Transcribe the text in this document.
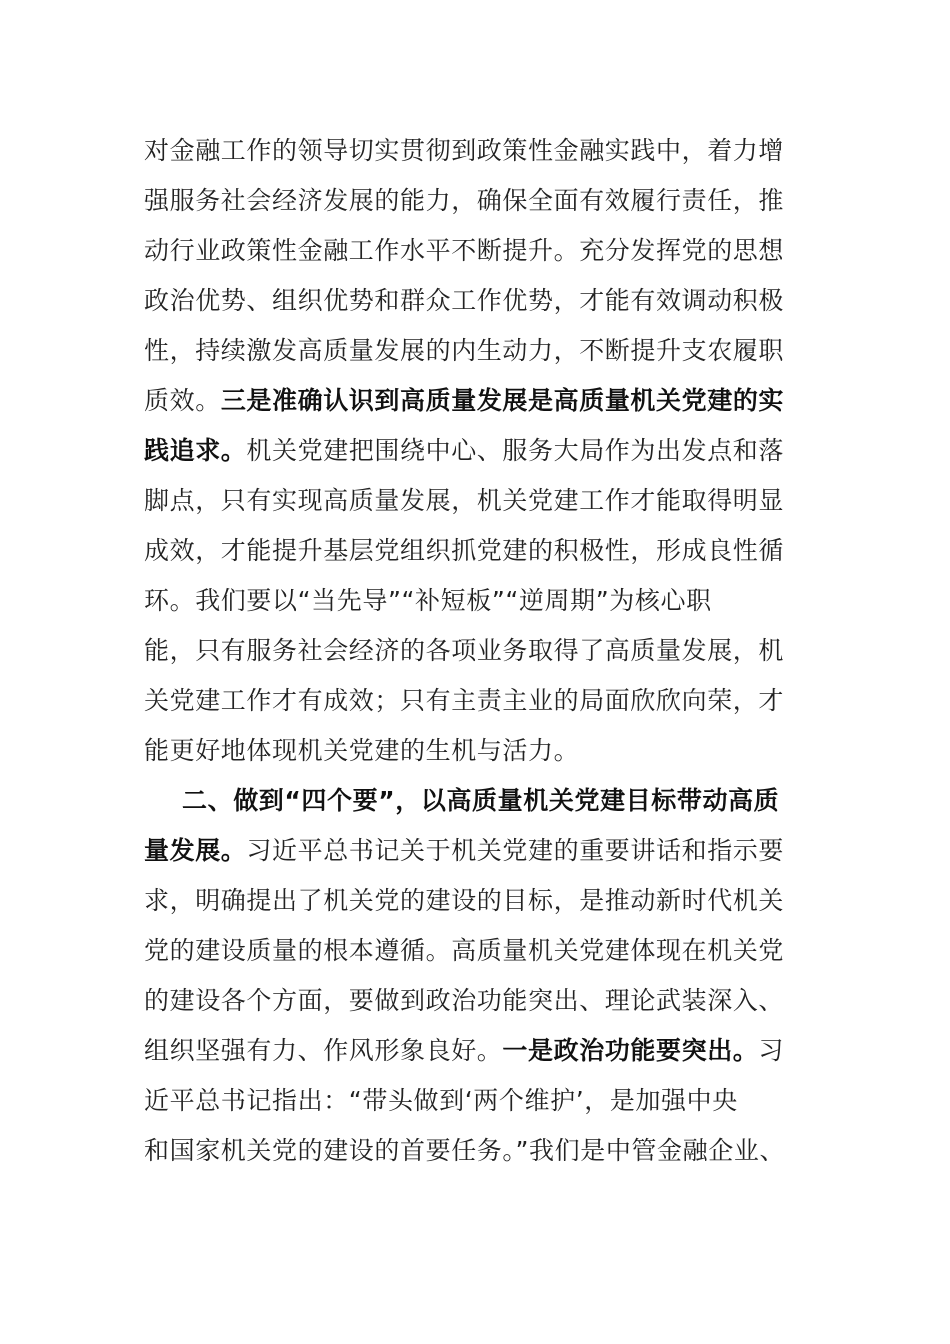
对金融工作的领导切实贯彻到政策性金融实践中，着力增
强服务社会经济发展的能力，确保全面有效履行责任，推
动行业政策性金融工作水平不断提升。充分发挥党的思想
政治优势、组织优势和群众工作优势，才能有效调动积极
性，持续激发高质量发展的内生动力，不断提升支农履职
质效。三是准确认识到高质量发展是高质量机关党建的实
践追求。机关党建把围绕中心、服务大局作为出发点和落
脚点，只有实现高质量发展，机关党建工作才能取得明显
成效，才能提升基层党组织抓党建的积极性，形成良性循
环。我们要以“当先导”“补短板”“逆周期”为核心职
能，只有服务社会经济的各项业务取得了高质量发展，机
关党建工作才有成效；只有主责主业的局面欣欣向荣，才
能更好地体现机关党建的生机与活力。
二、做到“四个要”，以高质量机关党建目标带动高质
量发展。习近平总书记关于机关党建的重要讲话和指示要
求，明确提出了机关党的建设的目标，是推动新时代机关
党的建设质量的根本遵循。高质量机关党建体现在机关党
的建设各个方面，要做到政治功能突出、理论武装深入、
组织坚强有力、作风形象良好。一是政治功能要突出。习
近平总书记指出：“带头做到‘两个维护’，是加强中央
和国家机关党的建设的首要任务。”我们是中管金融企业、
